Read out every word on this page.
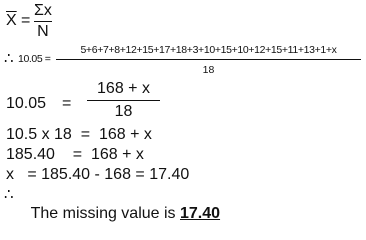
$\overline{X}$ =
Σx
N
∴ 10.05 =
5+6+7+8+12+15+17+18+3+10+15+10+12+15+11+13+1+x
18
10.05 =
168 + x
18
10.5 x 18  =  168 + x
185.40    =  168 + x
x   = 185.40 - 168 = 17.40
∴

The missing value is 17.40
